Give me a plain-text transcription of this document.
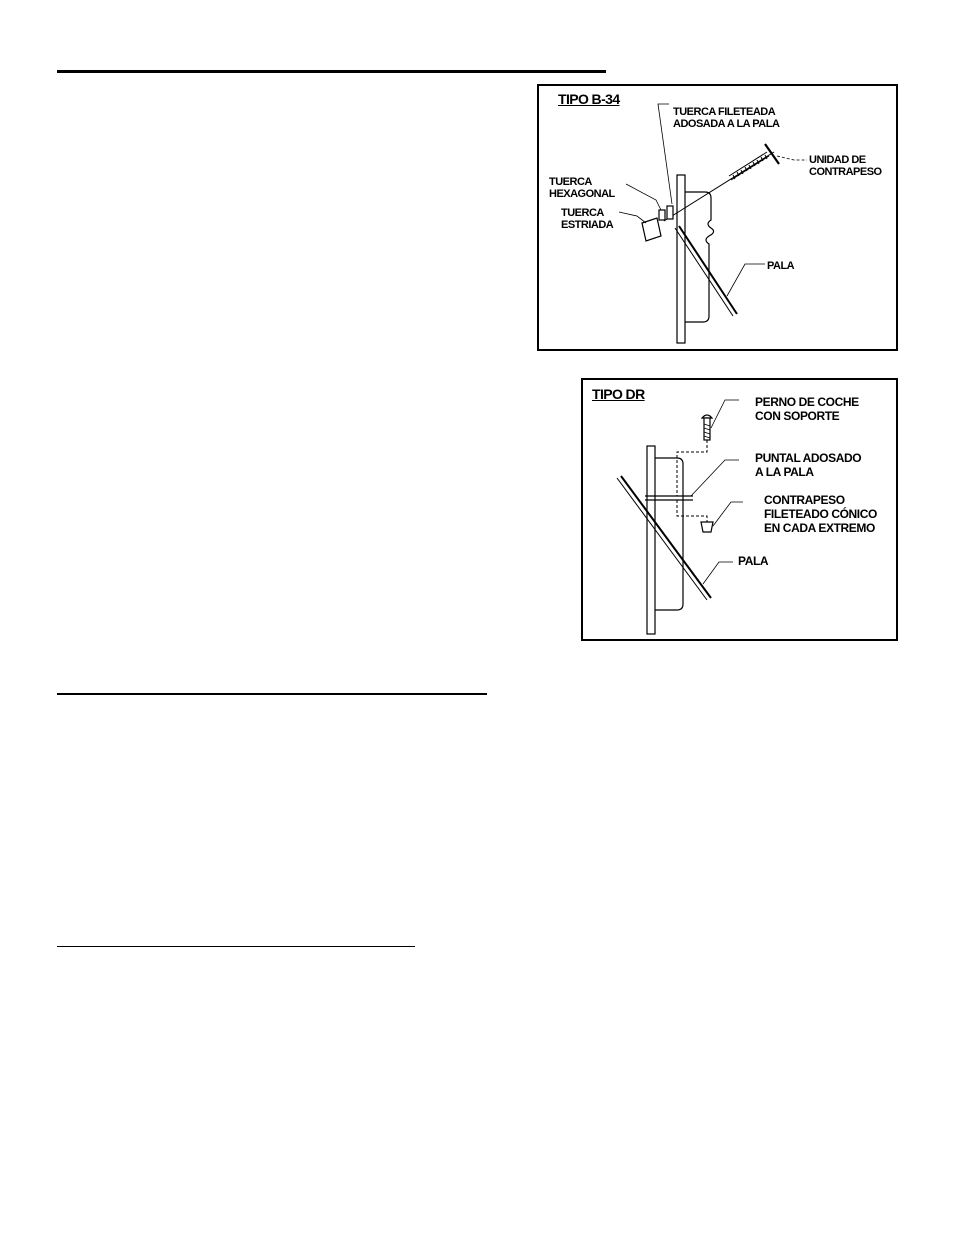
TIPO B-34
TUERCA FILETEADA
ADOSADA A LA PALA
UNIDAD DE
CONTRAPESO
TUERCA
HEXAGONAL
TUERCA
ESTRIADA
PALA
TIPO DR	PERNO DE COCHE
CON SOPORTE
PUNTAL ADOSADO
A LA PALA
CONTRAPESO
FILETEADO CÓNICO
EN CADA EXTREMO
PALA
